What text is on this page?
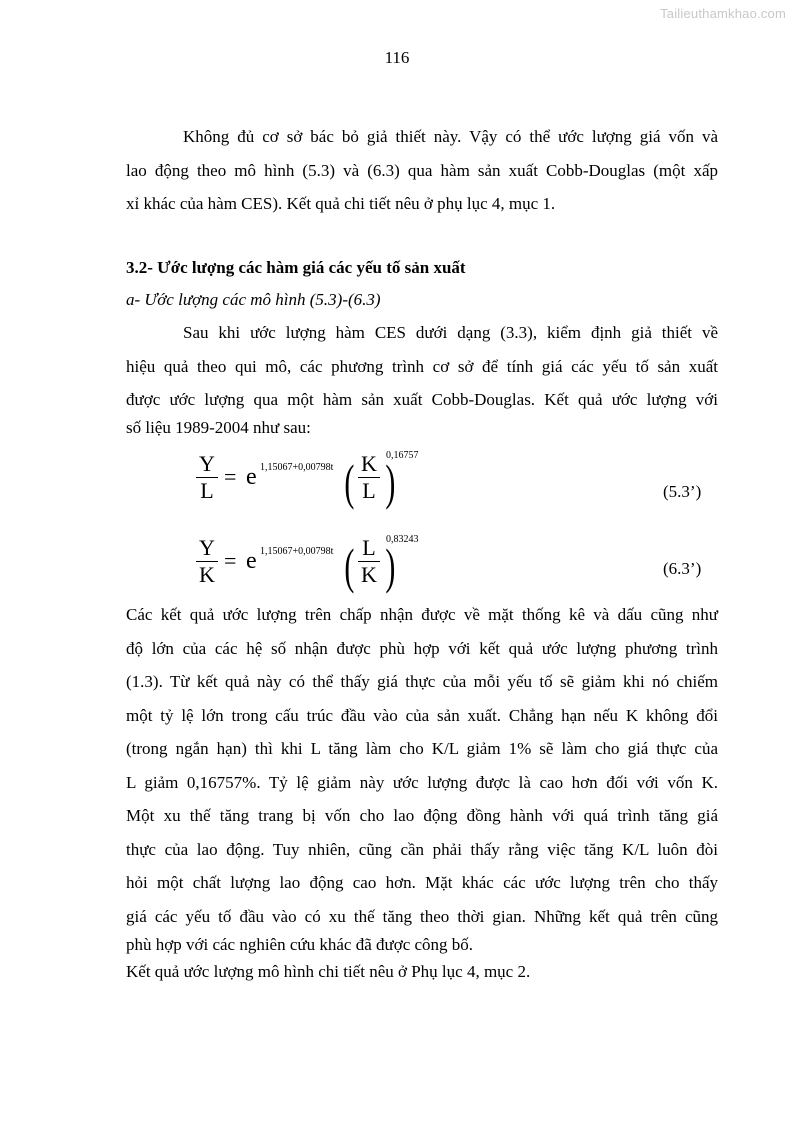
Tailieuthamkhao.com
116
Không đủ cơ sở bác bỏ giả thiết này. Vậy có thể ước lượng giá vốn và
lao động theo mô hình (5.3) và (6.3) qua hàm sản xuất Cobb-Douglas (một xấp
xỉ khác của hàm CES). Kết quả chi tiết nêu ở phụ lục 4, mục 1.
3.2- Ước lượng các hàm giá các yếu tố sản xuất
a- Ước lượng các mô hình (5.3)-(6.3)
Sau khi ước lượng hàm CES dưới dạng (3.3), kiểm định giả thiết về
hiệu quả theo qui mô, các phương trình cơ sở để tính giá các yếu tố sản xuất
được ước lượng qua một hàm sản xuất Cobb-Douglas. Kết quả ước lượng với
số liệu 1989-2004 như sau:
Y
L
= e 1,15067+0,00798t ( K
L )
0,16757
(5.3’)
Y
K
= e 1,15067+0,00798t ( L
K )
0,83243
(6.3’)
Các kết quả ước lượng trên chấp nhận được về mặt thống kê và dấu cũng như
độ lớn của các hệ số nhận được phù hợp với kết quả ước lượng phương trình
(1.3). Từ kết quả này có thể thấy giá thực của mỗi yếu tố sẽ giảm khi nó chiếm
một tỷ lệ lớn trong cấu trúc đầu vào của sản xuất. Chẳng hạn nếu K không đổi
(trong ngắn hạn) thì khi L tăng làm cho K/L giảm 1% sẽ làm cho giá thực của
L giảm 0,16757%. Tỷ lệ giảm này ước lượng được là cao hơn đối với vốn K.
Một xu thế tăng trang bị vốn cho lao động đồng hành với quá trình tăng giá
thực của lao động. Tuy nhiên, cũng cần phải thấy rằng việc tăng K/L luôn đòi
hỏi một chất lượng lao động cao hơn. Mặt khác các ước lượng trên cho thấy
giá các yếu tố đầu vào có xu thế tăng theo thời gian. Những kết quả trên cũng
phù hợp với các nghiên cứu khác đã được công bố.
Kết quả ước lượng mô hình chi tiết nêu ở Phụ lục 4, mục 2.
